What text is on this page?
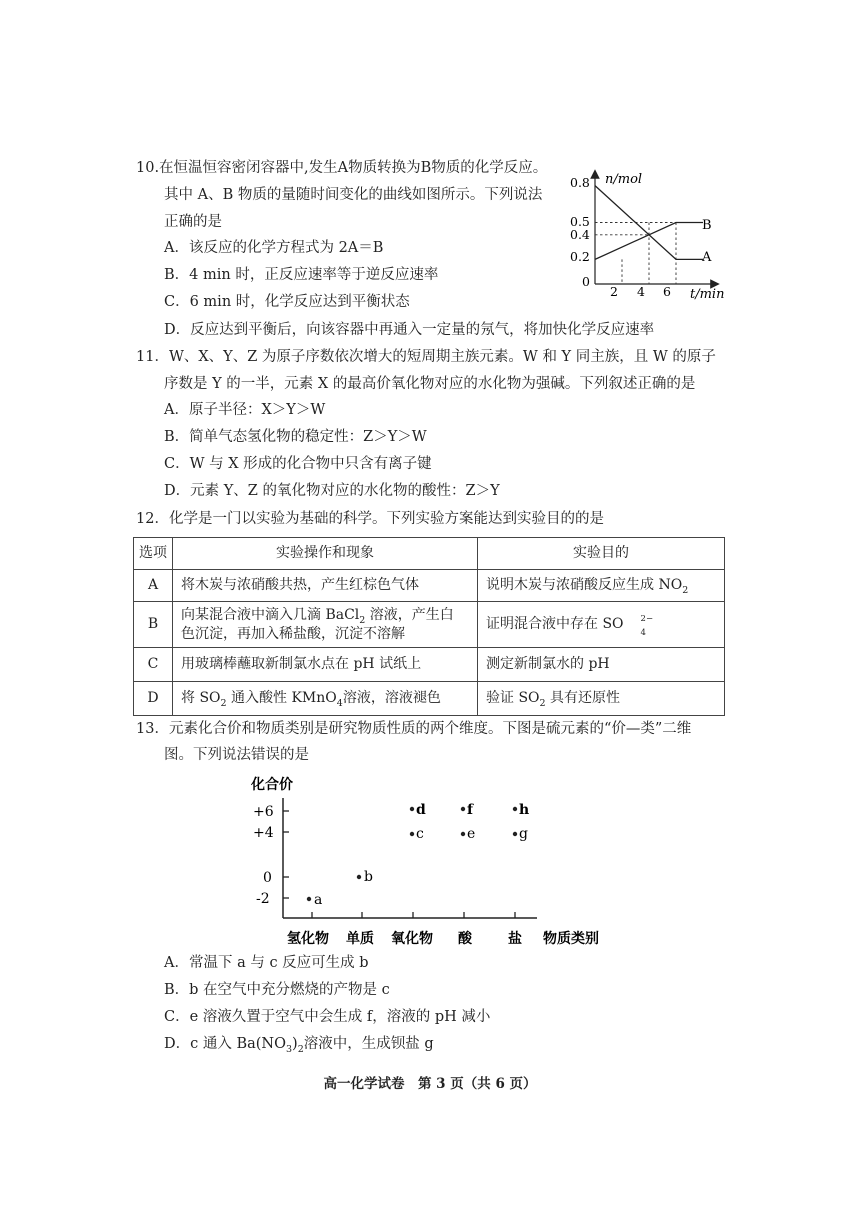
10.在恒温恒容密闭容器中,发生A物质转换为B物质的化学反应。
其中 A、B 物质的量随时间变化的曲线如图所示。下列说法
正确的是
A．该反应的化学方程式为 2A＝B
B．4 min 时，正反应速率等于逆反应速率
C．6 min 时，化学反应达到平衡状态
D．反应达到平衡后，向该容器中再通入一定量的氖气，将加快化学反应速率
n/mol
t/min
0.8
0.5
0.4
0.2
0
2 4 6
B
A
11．W、X、Y、Z 为原子序数依次增大的短周期主族元素。W 和 Y 同主族，且 W 的原子
序数是 Y 的一半，元素 X 的最高价氧化物对应的水化物为强碱。下列叙述正确的是
A．原子半径：X＞Y＞W
B．简单气态氢化物的稳定性：Z＞Y＞W
C．W 与 X 形成的化合物中只含有离子键
D．元素 Y、Z 的氧化物对应的水化物的酸性：Z＞Y
12．化学是一门以实验为基础的科学。下列实验方案能达到实验目的的是
选项	实验操作和现象	实验目的
A	将木炭与浓硝酸共热，产生红棕色气体	说明木炭与浓硝酸反应生成 $NO_2$
B	向某混合液中滴入几滴 BaCl$_2$ 溶液，产生白
色沉淀，再加入稀盐酸，沉淀不溶解	证明混合液中存在 SO 2−
4

C	用玻璃棒蘸取新制氯水点在 pH 试纸上	测定新制氯水的 pH
D	将 $SO_2$ 通入酸性 KMnO$_4$溶液，溶液褪色	验证 $SO_2$ 具有还原性
13．元素化合价和物质类别是研究物质性质的两个维度。下图是硫元素的“价—类”二维
图。下列说法错误的是
化合价
+6
+4
0
-2
氢化物 单质 氧化物 酸	盐 物质类别
a
b
c
d
e
f
g
h
A．常温下 a 与 c 反应可生成 b
B．b 在空气中充分燃烧的产物是 c
C．e 溶液久置于空气中会生成 f，溶液的 pH 减小
D．c 通入 $Ba(NO_3)_2$溶液中，生成钡盐 g
高一化学试卷　第 3 页（共 6 页）
